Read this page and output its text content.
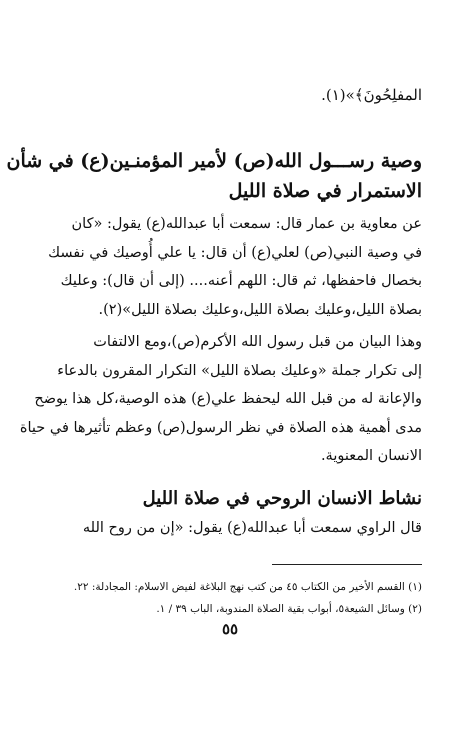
المفلِحُونَ﴾»(١).
وصية رســـول الله(ص) لأمير المؤمنـين(ع) في شأن
الاستمرار في صلاة الليل
عن معاوية بن عمار قال: سمعت أبا عبدالله(ع) يقول: «كان
في وصية النبي(ص) لعلي(ع) أن قال: يا علي أُوصيك في نفسك
بخصال فاحفظها، ثم قال: اللهم أعنه.... (إلى أن قال): وعليك
بصلاة الليل،وعليك بصلاة الليل،وعليك بصلاة الليل»(٢).
وهذا البيان من قبل رسول الله الأكرم(ص)،ومع الالتفات
إلى تكرار جملة «وعليك بصلاة الليل» التكرار المقرون بالدعاء
والإعانة له من قبل الله ليحفظ علي(ع) هذه الوصية،كل هذا يوضح
مدى أهمية هذه الصلاة في نظر الرسول(ص) وعظم تأثيرها في حياة
الانسان المعنوية.
نشاط الانسان الروحي في صلاة الليل
قال الراوي سمعت أبا عبدالله(ع) يقول: «إن من روح الله
(١) القسم الأخير من الكتاب ٤٥ من كتب نهج البلاغة لفيض الاسلام: المجادلة: ٢٢.
(٢) وسائل الشيعة٥، أبواب بقية الصلاة المندوبة، الباب ٣٩ / ١.
٥٥
